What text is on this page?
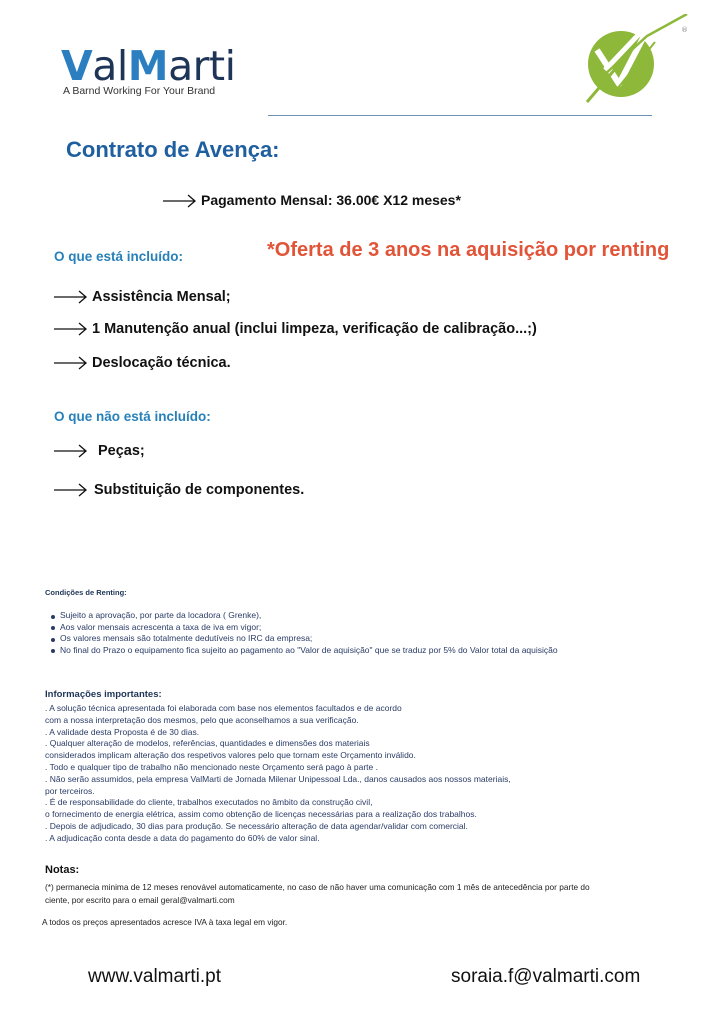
ValMarti
A Barnd Working For Your Brand
®
Contrato de Avença:
Pagamento Mensal: 36.00€ X12 meses*
O que está incluído:	*Oferta de 3 anos na aquisição por renting
Assistência Mensal;
1 Manutenção anual (inclui limpeza, verificação de calibração...;)
Deslocação técnica.
O que não está incluído:
Peças;
Substituição de componentes.
Condições de Renting:
Sujeito a aprovação, por parte da locadora ( Grenke),
Aos valor mensais acrescenta a taxa de iva em vigor;
Os valores mensais são totalmente dedutíveis no IRC da empresa;
No final do Prazo o equipamento fica sujeito ao pagamento ao "Valor de aquisição" que se traduz por 5% do Valor total da aquisição
Informações importantes:
. A solução técnica apresentada foi elaborada com base nos elementos facultados e de acordo
com a nossa interpretação dos mesmos, pelo que aconselhamos a sua verificação.
. A validade desta Proposta é de 30 dias.
. Qualquer alteração de modelos, referências, quantidades e dimensões dos materiais
considerados implicam alteração dos respetivos valores pelo que tornam este Orçamento inválido.
. Todo e qualquer tipo de trabalho não mencionado neste Orçamento será pago à parte .
. Não serão assumidos, pela empresa ValMarti de Jornada Milenar Unipessoal Lda., danos causados aos nossos materiais,
por terceiros.
. É de responsabilidade do cliente, trabalhos executados no âmbito da construção civil,
o fornecimento de energia elétrica, assim como obtenção de licenças necessárias para a realização dos trabalhos.
. Depois de adjudicado, 30 dias para produção. Se necessário alteração de data agendar/validar com comercial.
. A adjudicação conta desde a data do pagamento do 60% de valor sinal.
Notas:
(*) permanecia minima de 12 meses renovável automaticamente, no caso de não haver uma comunicação com 1 mês de antecedência por parte do
ciente, por escrito para o email geral@valmarti.com
A todos os preços apresentados acresce IVA à taxa legal em vigor.
www.valmarti.pt	soraia.f@valmarti.com
